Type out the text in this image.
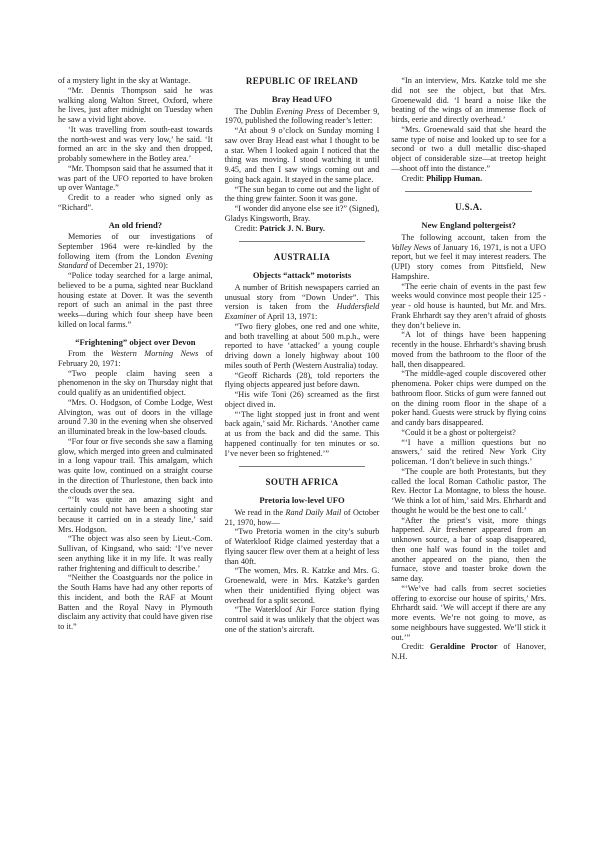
of a mystery light in the sky at Wantage.

“Mr. Dennis Thompson said he was walking along Walton Street, Oxford, where he lives, just after midnight on Tuesday when he saw a vivid light above.

‘It was travelling from south-east towards the north-west and was very low,’ he said. ‘It formed an arc in the sky and then dropped, probably somewhere in the Botley area.’

“Mr. Thompson said that he assumed that it was part of the UFO reported to have broken up over Wantage.”

Credit to a reader who signed only as “Richard”.

An old friend?

Memories of our investigations of September 1964 were re-kindled by the following item (from the London Evening Standard of December 21, 1970):

“Police today searched for a large animal, believed to be a puma, sighted near Buckland housing estate at Dover. It was the seventh report of such an animal in the past three weeks—during which four sheep have been killed on local farms.”

“Frightening” object over Devon

From the Western Morning News of February 20, 1971:

“Two people claim having seen a phenomenon in the sky on Thursday night that could qualify as an unidentified object.

“Mrs. O. Hodgson, of Combe Lodge, West Alvington, was out of doors in the village around 7.30 in the evening when she observed an illuminated break in the low-based clouds.

“For four or five seconds she saw a flaming glow, which merged into green and culminated in a long vapour trail. This amalgam, which was quite low, continued on a straight course in the direction of Thurlestone, then back into the clouds over the sea.

“‘It was quite an amazing sight and certainly could not have been a shooting star because it carried on in a steady line,’ said Mrs. Hodgson.

“The object was also seen by Lieut.-Com. Sullivan, of Kingsand, who said: ‘I’ve never seen anything like it in my life. It was really rather frightening and difficult to describe.’

“Neither the Coastguards nor the police in the South Hams have had any other reports of this incident, and both the RAF at Mount Batten and the Royal Navy in Plymouth disclaim any activity that could have given rise to it.”

REPUBLIC OF IRELAND
Bray Head UFO

The Dublin Evening Press of December 9, 1970, published the following reader’s letter:

“At about 9 o’clock on Sunday morning I saw over Bray Head east what I thought to be a star. When I looked again I noticed that the thing was moving. I stood watching it until 9.45, and then I saw wings coming out and going back again. It stayed in the same place.

“The sun began to come out and the light of the thing grew fainter. Soon it was gone.

“I wonder did anyone else see it?” (Signed), Gladys Kingsworth, Bray.

Credit: Patrick J. N. Bury.

AUSTRALIA
Objects “attack” motorists

A number of British newspapers carried an unusual story from “Down Under”. This version is taken from the Huddersfield Examiner of April 13, 1971:

“Two fiery globes, one red and one white, and both travelling at about 500 m.p.h., were reported to have ‘attacked’ a young couple driving down a lonely highway about 100 miles south of Perth (Western Australia) today.

“Geoff Richards (28), told reporters the flying objects appeared just before dawn.

“His wife Toni (26) screamed as the first object dived in.

“‘The light stopped just in front and went back again,’ said Mr. Richards. ‘Another came at us from the back and did the same. This happened continually for ten minutes or so. I’ve never been so frightened.’”

SOUTH AFRICA
Pretoria low-level UFO

We read in the Rand Daily Mail of October 21, 1970, how—

“Two Pretoria women in the city’s suburb of Waterkloof Ridge claimed yesterday that a flying saucer flew over them at a height of less than 40ft.

“The women, Mrs. R. Katzke and Mrs. G. Groenewald, were in Mrs. Katzke’s garden when their unidentified flying object was overhead for a split second.

“The Waterkloof Air Force station flying control said it was unlikely that the object was one of the station’s aircraft.

“In an interview, Mrs. Katzke told me she did not see the object, but that Mrs. Groenewald did. ‘I heard a noise like the beating of the wings of an immense flock of birds, eerie and directly overhead.’

“Mrs. Groenewald said that she heard the same type of noise and looked up to see for a second or two a dull metallic disc-shaped object of considerable size—at treetop height—shoot off into the distance.”

Credit: Philipp Human.

U.S.A.
New England poltergeist?

The following account, taken from the Valley News of January 16, 1971, is not a UFO report, but we feel it may interest readers. The (UPI) story comes from Pittsfield, New Hampshire.

“The eerie chain of events in the past few weeks would convince most people their 125 - year - old house is haunted, but Mr. and Mrs. Frank Ehrhardt say they aren’t afraid of ghosts they don’t believe in.

“A lot of things have been happening recently in the house. Ehrhardt’s shaving brush moved from the bathroom to the floor of the hall, then disappeared.

“The middle-aged couple discovered other phenomena. Poker chips were dumped on the bathroom floor. Sticks of gum were fanned out on the dining room floor in the shape of a poker hand. Guests were struck by flying coins and candy bars disappeared.

“Could it be a ghost or poltergeist?

“‘I have a million questions but no answers,’ said the retired New York City policeman. ‘I don’t believe in such things.’

“The couple are both Protestants, but they called the local Roman Catholic pastor, The Rev. Hector La Montagne, to bless the house. ‘We think a lot of him,’ said Mrs. Ehrhardt and thought he would be the best one to call.’

“After the priest’s visit, more things happened. Air freshener appeared from an unknown source, a bar of soap disappeared, then one half was found in the toilet and another appeared on the piano, then the furnace, stove and toaster broke down the same day.

“‘We’ve had calls from secret societies offering to exorcise our house of spirits,’ Mrs. Ehrhardt said. ‘We will accept if there are any more events. We’re not going to move, as some neighbours have suggested. We’ll stick it out.’”

Credit: Geraldine Proctor of Hanover, N.H.
